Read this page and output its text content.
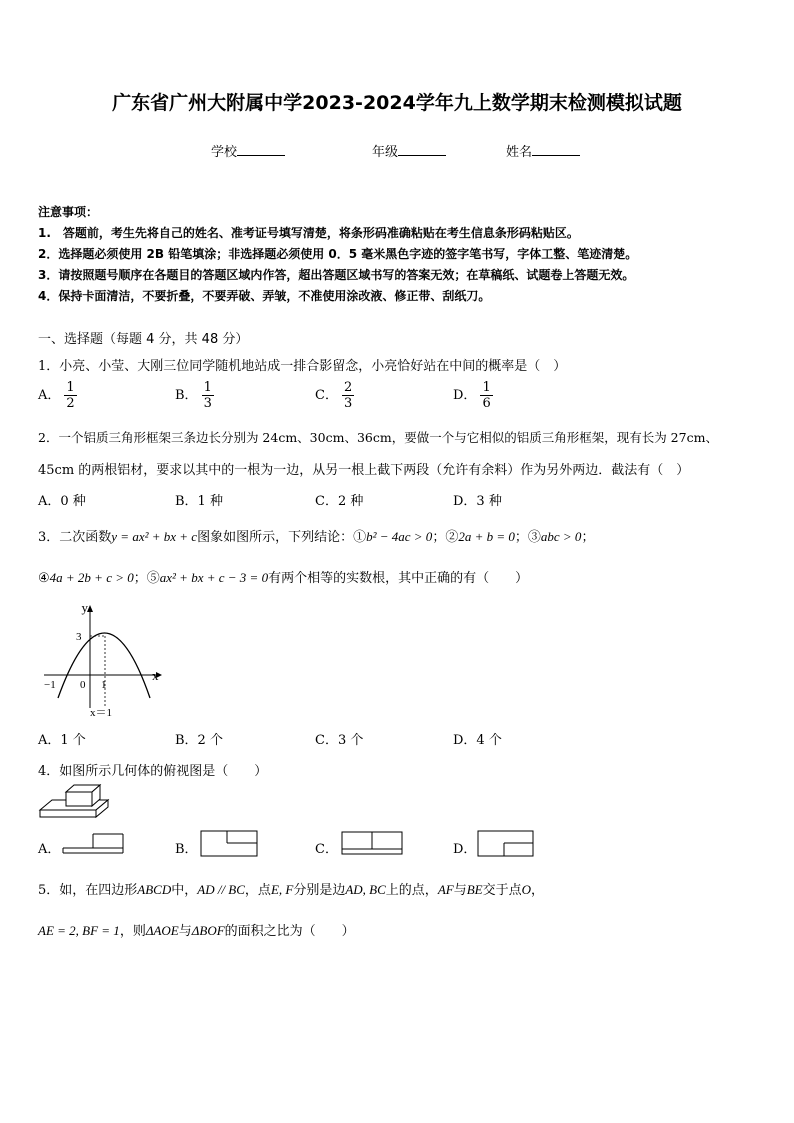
广东省广州大附属中学2023-2024学年九上数学期末检测模拟试题
学校	年级	姓名
注意事项：
1.　答题前，考生先将自己的姓名、准考证号填写清楚，将条形码准确粘贴在考生信息条形码粘贴区。
2．选择题必须使用 2B 铅笔填涂；非选择题必须使用 0．5 毫米黑色字迹的签字笔书写，字体工整、笔迹清楚。
3．请按照题号顺序在各题目的答题区域内作答，超出答题区域书写的答案无效；在草稿纸、试题卷上答题无效。
4．保持卡面清洁，不要折叠，不要弄破、弄皱，不准使用涂改液、修正带、刮纸刀。
一、选择题（每题 4 分，共 48 分）
1．小亮、小莹、大刚三位同学随机地站成一排合影留念，小亮恰好站在中间的概率是（　）
A． $\frac{1}{2}$	B． $\frac{1}{3}$	C． $\frac{2}{3}$	D． $\frac{1}{6}$
2．一个铝质三角形框架三条边长分别为 24cm、30cm、36cm，要做一个与它相似的铝质三角形框架，现有长为 27cm、
45cm 的两根铝材，要求以其中的一根为一边，从另一根上截下两段（允许有余料）作为另外两边．截法有（　）
A．0 种	B．1 种	C．2 种	D．3 种
3．二次函数y = ax² + bx + c图象如图所示，下列结论：①b² − 4ac > 0；②2a + b = 0；③abc > 0；
④4a + 2b + c > 0；⑤ax² + bx + c − 3 = 0有两个相等的实数根，其中正确的有（　　）
y
x
3
−1 0 1
x＝1
A．1 个	B．2 个	C．3 个	D．4 个
4．如图所示几何体的俯视图是（　　）
A．	B．	C．	D．
5．如，在四边形ABCD中，AD // BC，点E, F分别是边AD, BC上的点，AF与BE交于点O，
AE = 2, BF = 1，则ΔAOE与ΔBOF的面积之比为（　　）
